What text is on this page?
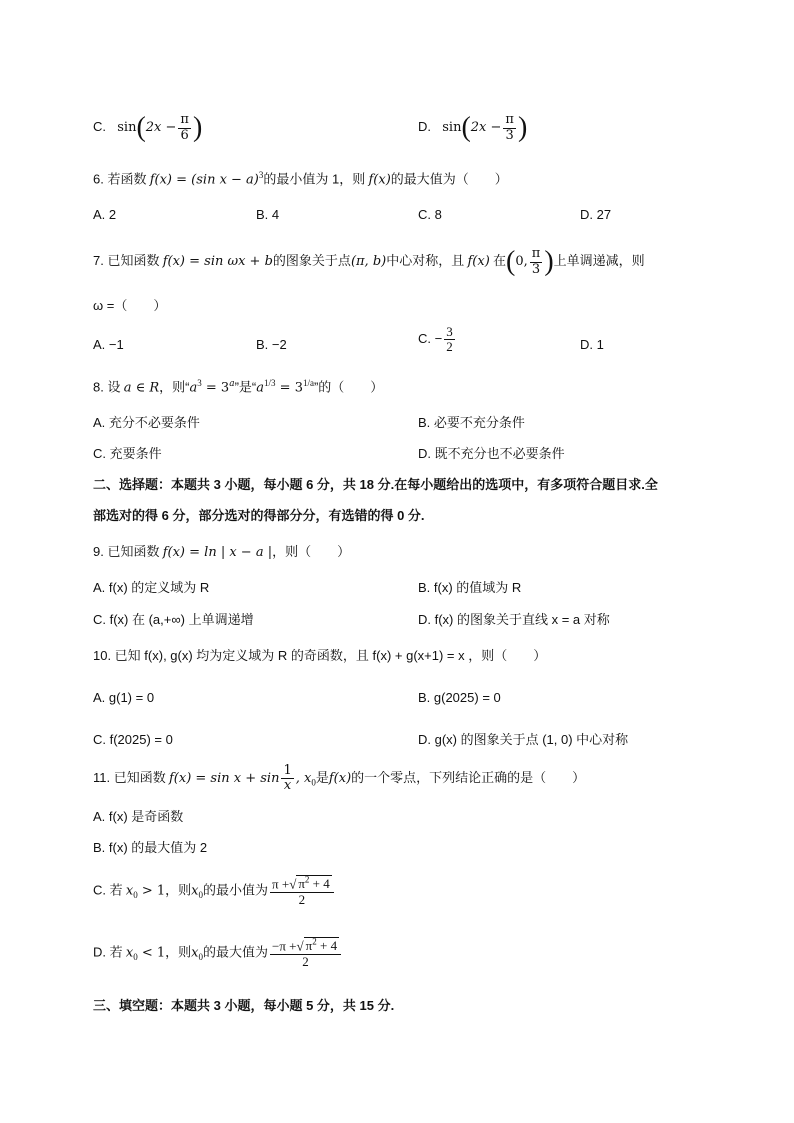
C. $\sin(2x - \frac{\pi}{6}$ )	D. $\sin(2x - \frac{\pi}{3}$ )
6. 若函数 f(x) = (sin x − a)$^3$的最小值为 1，则 f(x)的最大值为（　　）
A. 2	B. 4	C. 8	D. 27
7. 已知函数 f(x) = sin ωx + b的图象关于点(π, b)中心对称，且 f(x) 在(0, $\frac{\pi}{3}$ )上单调递减，则
ω =（　　）
A. −1	B. −2	C. − $\frac{3}{2}$	D. 1
8. 设 a ∈ R，则“$a^3 = 3^a$”是“$a^{1/3} = 3^{1/a}$”的（　　）
A. 充分不必要条件	B. 必要不充分条件
C. 充要条件	D. 既不充分也不必要条件
二、选择题：本题共 3 小题，每小题 6 分，共 18 分.在每小题给出的选项中，有多项符合题目求.全
部选对的得 6 分，部分选对的得部分分，有选错的得 0 分.
9. 已知函数 f(x) = ln | x − a |，则（　　）
A. f(x) 的定义域为 R	B. f(x) 的值域为 R
C. f(x) 在 (a,+∞) 上单调递增	D. f(x) 的图象关于直线 x = a 对称
10. 已知 f(x), g(x) 均为定义域为 R 的奇函数，且 f(x) + g(x+1) = x ，则（　　）
A. g(1) = 0	B. g(2025) = 0
C. f(2025) = 0	D. g(x) 的图象关于点 (1, 0) 中心对称
11. 已知函数 $f(x) = \sin x + \sin \frac{1}{x}$ , $x_0$是f(x)的一个零点，下列结论正确的是（　　）
A. f(x) 是奇函数
B. f(x) 的最大值为 2
C. 若 $x_0 > 1$，则$x_0$的最小值为 $\frac{\pi +√ \pi^2 + 4}{2}$
D. 若 $x_0 < 1$，则$x_0$的最大值为 $\frac{-\pi +√ \pi^2 + 4}{2}$
三、填空题：本题共 3 小题，每小题 5 分，共 15 分.
